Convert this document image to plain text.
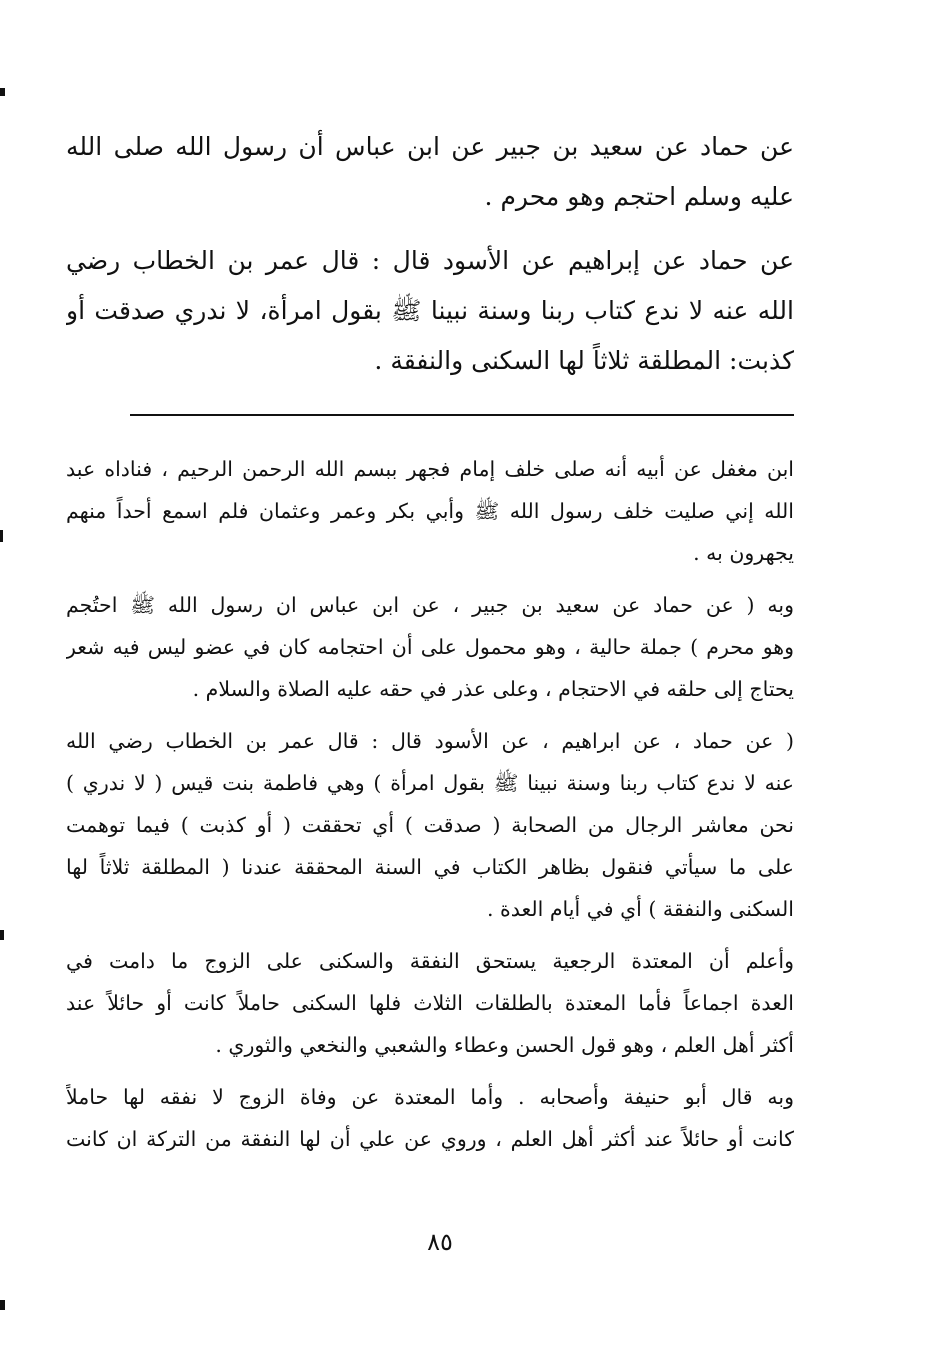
عن حماد عن سعيد بن جبير عن ابن عباس أن رسول الله صلى الله
عليه وسلم احتجم وهو محرم .

عن حماد عن إبراهيم عن الأسود قال : قال عمر بن الخطاب رضي
الله عنه لا ندع كتاب ربنا وسنة نبينا ﷺ بقول امرأة، لا ندري صدقت أو
كذبت: المطلقة ثلاثاً لها السكنى والنفقة .

ابن مغفل عن أبيه أنه صلى خلف إمام فجهر ببسم الله الرحمن الرحيم ، فناداه عبد
الله إني صليت خلف رسول الله ﷺ وأبي بكر وعمر وعثمان فلم اسمع أحداً منهم
يجهرون به .

وبه ( عن حماد عن سعيد بن جبير ، عن ابن عباس ان رسول الله ﷺ احتُجم
وهو محرم ) جملة حالية ، وهو محمول على أن احتجامه كان في عضو ليس فيه شعر
يحتاج إلى حلقه في الاحتجام ، وعلى عذر في حقه عليه الصلاة والسلام .

( عن حماد ، عن ابراهيم ، عن الأسود قال : قال عمر بن الخطاب رضي الله
عنه لا ندع كتاب ربنا وسنة نبينا ﷺ بقول امرأة ) وهي فاطمة بنت قيس ( لا ندري )
نحن معاشر الرجال من الصحابة ( صدقت ) أي تحققت ( أو كذبت ) فيما توهمت
على ما سيأتي فنقول بظاهر الكتاب في السنة المحققة عندنا ( المطلقة ثلاثاً لها
السكنى والنفقة ) أي في أيام العدة .

وأعلم أن المعتدة الرجعية يستحق النفقة والسكنى على الزوج ما دامت في
العدة اجماعاً فأما المعتدة بالطلقات الثلاث فلها السكنى حاملاً كانت أو حائلاً عند
أكثر أهل العلم ، وهو قول الحسن وعطاء والشعبي والنخعي والثوري .

وبه قال أبو حنيفة وأصحابه . وأما المعتدة عن وفاة الزوج لا نفقه لها حاملاً
كانت أو حائلاً عند أكثر أهل العلم ، وروي عن علي أن لها النفقة من التركة ان كانت

٨٥
